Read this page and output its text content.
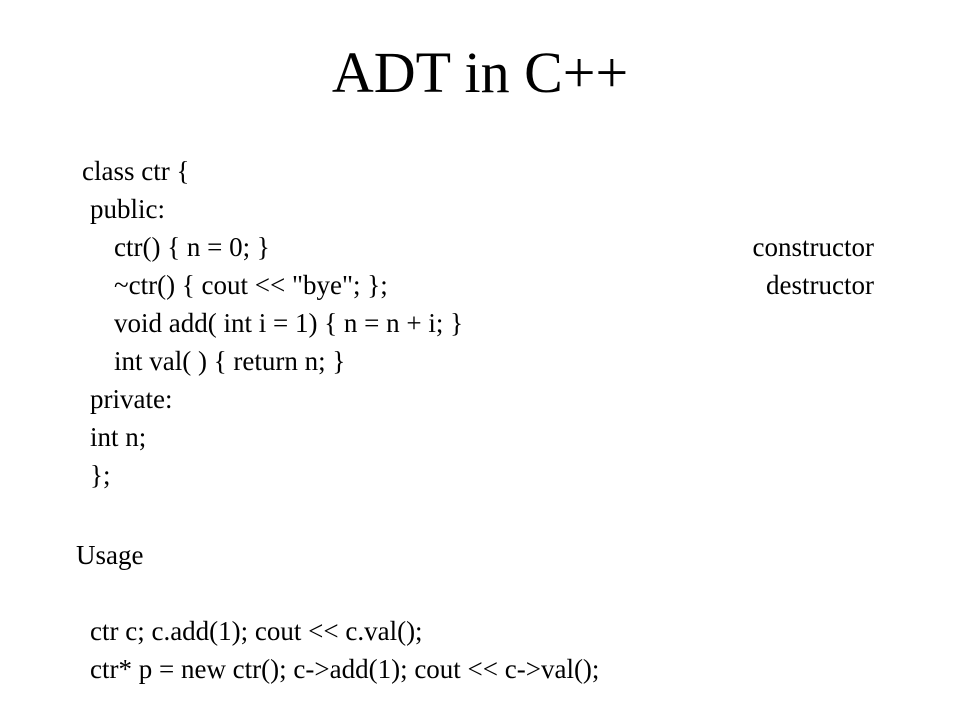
ADT in C++
class ctr {
public:
ctr() { n = 0; }
~ctr() { cout << "bye"; };
void add( int i = 1) { n = n + i; }
int val( ) { return n; }
private:
int n;
};
constructor
destructor
Usage
ctr c; c.add(1); cout << c.val();
ctr* p = new ctr(); c->add(1); cout << c->val();
